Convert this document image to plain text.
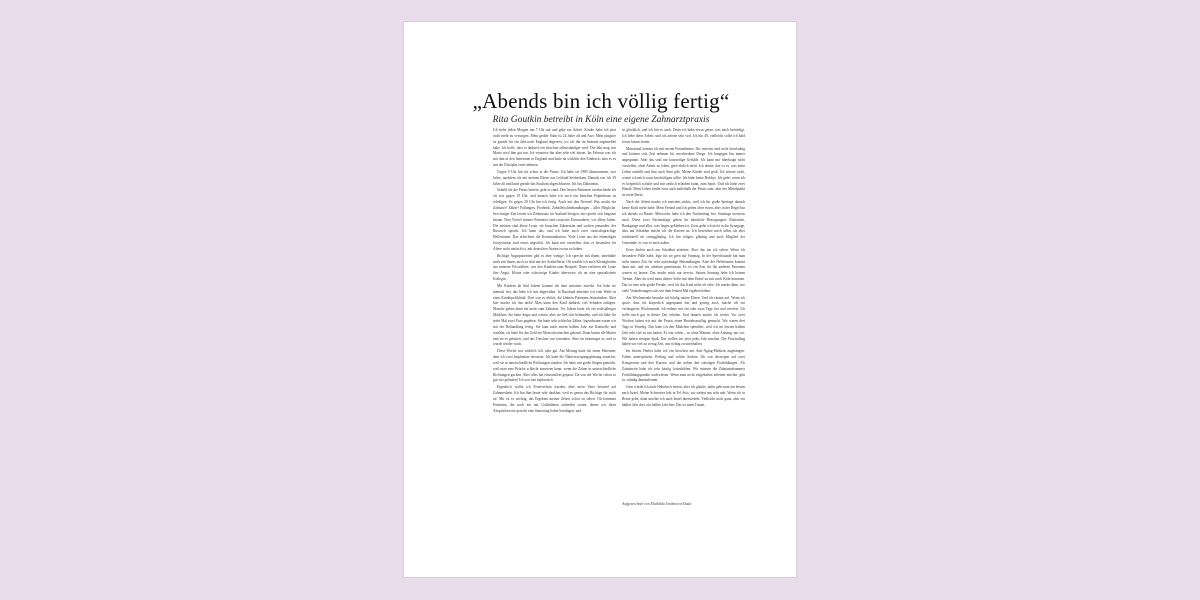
„Abends bin ich völlig fertig“
Rita Goutkin betreibt in Köln eine eigene Zahnarztpraxis

Ich stehe jeden Morgen um 7 Uhr auf und gehe zur Arbeit. Kinder habe ich jetzt nicht mehr zu versorgen. Mein großer Sohn ist 24 Jahre alt und Arzt. Mein jüngster ist gerade für ein Jahr nach England abgereist, wo ich ihn im Internat angemeldet habe. Ich hoffe, dass er dadurch ein bisschen selbstständiger wird. Die Jahr mag von Maria wird ihm gut tun. Ich vermisse ihn aber sehr viel davon. Im Februar war ich mit ihm in den Internaten in England und hatte da wirklich den Eindruck, dass es es mit der Disziplin ernst nehmen.

Gegen 9 Uhr bin ich schon in der Praxis. Ich habe sie 1985 übernommen, vier Jahre, nachdem ich mit meinen Eltern aus Leitland hierherkam. Damals war ich 29 Jahre alt und hatte gerade das Studium abgeschlossen. Ich bin Zahnärztin.

Sobald ich die Praxis betrete, geht es rund. Den letzten Patienten verabschiede ich oft erst gegen 19 Uhr, und danach habe ich noch ein bisschen Papierkram zu erledigen. So gegen 20 Uhr bin ich fertig. Auch mit den Nerven! Was macht ein Zahnarzt? Zähne! Füllungen, Prothetik, Zahnfleischbehandlungen – alles Mögliche. Seit einiger Zeit lassen wir Zahnersatz im Ausland fertigen, das spricht sich langsam herum. Drei Viertel meiner Patienten sind russische Einwanderer, vor allem Juden. Die meisten sind ältere Leute, sie brauchen Zahnersatz und suchen jemanden, der Russisch spricht. Ich kann das, und ich habe auch zwei russischsprachige Helferinnen. Das erleichtert die Kommunikation. Viele Leute aus der ehemaligen Sowjetunion sind etwas ängstlich. Ich kann mir vorstellen, dass es besonders für Ältere nicht einfach ist, mit deutschen Ärzten zu tun zu haben.

Richtige Angstpatienten gibt es aber wenige. Ich spreche mit ihnen, unterhalte mich mit ihnen, auch zu dritt mit der Arzthelferin. Oft erzähle ich auch Kleinigkeiten aus meinem Privatleben, von den Kindern zum Beispiel. Dann verlieren die Leute ihre Angst. Kleine oder schwierige Kinder überweise ich an eine spezialisierte Kollegin.

Mit Kindern ab fünf Jahren komme ich aber meistens zurecht. Ich habe sie niemals frei, das habe ich mir abgewöhnt. In Russland arbeitete ich eine Weile in einer Kinderpoliklinik. Dort war es üblich, die kleinen Patienten festzuhalten. Aber hier mache ich das nicht! Man kann den Kind dadurch viel Schaden zufügen: Manche gehen dann nie mehr zum Zahnarzt. Vor Jahren hatte ich ein sechsjähriges Mädchen. Sie hatte Angst und weinte, aber sie ließ sich behandeln, und ich habe ihr jeder Mal zwei Euro gegeben. Sie hatte sehr schlechte Zähne. Irgendwann waren wir mit der Behandlung fertig. Sie kam nach einem halben Jahr zur Kontrolle und erzählte, sie hätte für das Geld ein Meerschweinchen gekauft. Dann hatten die Mutter und sie es gefuttert, und das Tierchen war ertrunken. Aber sie beantragte es, und es wurde wieder wach.

Diese Woche war wirklich toll, oder gut. Am Montag hatte ich einen Patienten, dem ich zwei Implantate einsetzte. Ich habe die Nahtversorgungsplanung zunächst, weil sie in unterschiedliche Richtungen standen. Ich hatte mir große Sorgen gemacht, weil man eine Brücke schlecht einsetzen kann, wenn die Zähne in unterschiedliche Richtungen gucken. Aber alles hat einwandfrei gepasst. Da war die Woche schon so gut wie gelaufen! Ich war fast euphorisch.

Eigentlich wollte ich Feuerwehrin werden, aber mein Vater bestand auf Zahnmedizin. Ich bin ihm heute sehr dankbar, weil es genau das Richtige für mich ist! Mir ist es wichtig, das Ergebnis meiner Arbeit sofort zu sehen. Oft kommen Patienten, die noch nie mit Goldzähnen zufrieden waren, denen wir ihren Ansprüchen nie gerecht eine Sanierung lieber beruhigen, und

so glücklich, und ich bin es auch. Denn ich habe etwas getan, was mich befriedigt. Ich liebe diese Arbeit, und ich arbeite sehr viel. Ich bin 49, vielleicht sollte ich bald etwas kürzer treten.

Manchmal kommt ich mit meine Freundinnen. Die meisten sind nicht berufstätig und können sich Zeit nehmen für verschiedene Dinge. Ich hingegen bin immer angespannt. Aber das sind nur kurzzeitige Gefühle. Ich kann mir überhaupt nicht vorstellen, ohne Arbeit zu leben, gern ehrlich nicht. Ich denke, das ist es, was mein Leben ausfüllt und ihm auch Sinn gibt. Meine Kinder sind groß. Ich wüsste nicht, womit ich mich sonst beschäftigen sollte. Ich habe keine Hobbys. Ich gehe, wenn ich es körperlich schaffe und mir zeitlich erlauben kann, zum Sport. Und ich habe zwei Hunde. Mein Leben findet zwar auch außerhalb der Praxis statt, aber der Mittelpunkt ist mein Beruf.

Nach der Arbeit mache ich meistens nichts, weil ich für große Sprünge danach keine Kraft mehr habe. Mein Freund und ich gehen öfter essen, aber in der Regel bin ich abends zu Hause. Mittwochs habe ich den Nachmittag frei. Sonntags meistens auch. Diese zwei Nachmittage gelten für häusliche Besorgungen: Einkaufen, Bankgänge und alles, was liegen geblieben ist. Zwar gehe ich nicht in die Synagoge, aber am Schabbat mache ich die Kerzen an. Ich bezeichne mich selbst als eher traditionell als strenggläubig. Ich bin religiös gläubig und auch Mitglied der Gemeinde, es war es nach außen.

Feste dürfen auch am Schabbat arbeiten. Aber das tue ich selten. Wenn ich besondere Fälle habe, lege ich sie gern auf Sonntag. In der Sprechstunde bat man nicht immer Zeit für sehr aufwändige Behandlungen. Eine der Helferinnen kommt dann mit, und wir arbeiten gemeinsam. Es ist ein Arzt für die anderen Patienten warten zu lassen. Das macht mich nur nervös. Seinen Sonntag habe ich keinen Termin. Aber da wird mein älterer Sohn mit dem Enkel zu mir nach Köln kommen. Das ist eine sehr große Freude, weil ich das Kind nicht oft sehe. Ich merke dann, wie viele Veränderungen sich seit dem letzten Mal ergeben haben.

Am Wochenende besuche ich häufig meine Eltern. Und ich räume auf. Wenn ich spüre, dass ich körperlich angespannt bin und geistig auch, mache ich ein verlängertes Wochenende. Ich nehme mir ein oder zwei Tage frei und verreise. Ich stelle mich gar in dieser Zeit erholen. Und danach mache ich weiter. Vor zwei Wochen haben wir mit der Praxis einen Betriebsausflug gemacht. Wir waren drei Tage in Venedig. Das habe ich den Mädchen spendiert, weil wir im letzten halben Jahr sehr viel zu tun hatten. Es war schön – so ohne Männer, ohne Anhang, nur wir. Wir hatten riesigen Spaß. Das wollen wir jetzt jedes Jahr machen. Der Praxisalltag haben wir viel zu wenig Zeit, uns richtig zu unterhalten.

Im letzten Herbst habe ich ein bisschen mit Anti-Aging-Medizin angefangen: Falten unterspritzen, Peeling und solche Sachen. Ich war deswegen auf zwei Kongressen und drei Kursen, und das neben den sonstigen Fortbildungen. Als Zahnärztin habe ich sehr häufig fortzubilden. Wir müssen die Zahnärztekammer Fortbildungspunkte nachweisen. Wenn man nicht eingehalten arbeiten möchte, gibt es, ständig dazuzulernen.

Gern würde ich auch Hebräisch lernen, aber ich glaube, dafür geht man am besten nach Israel. Meine Schwester lebt in Tel Aviv, wir stehen uns sehr nah. Wenn ich in Rente gehe, dann möchte ich nach Israel übersiedeln. Vielleicht noch ganz, aber ein halbes Jahr dort, ein halbes Jahr hier. Das ist mein Traum.

Aufgezeichnet von Mathilda Jordanova-Duda
